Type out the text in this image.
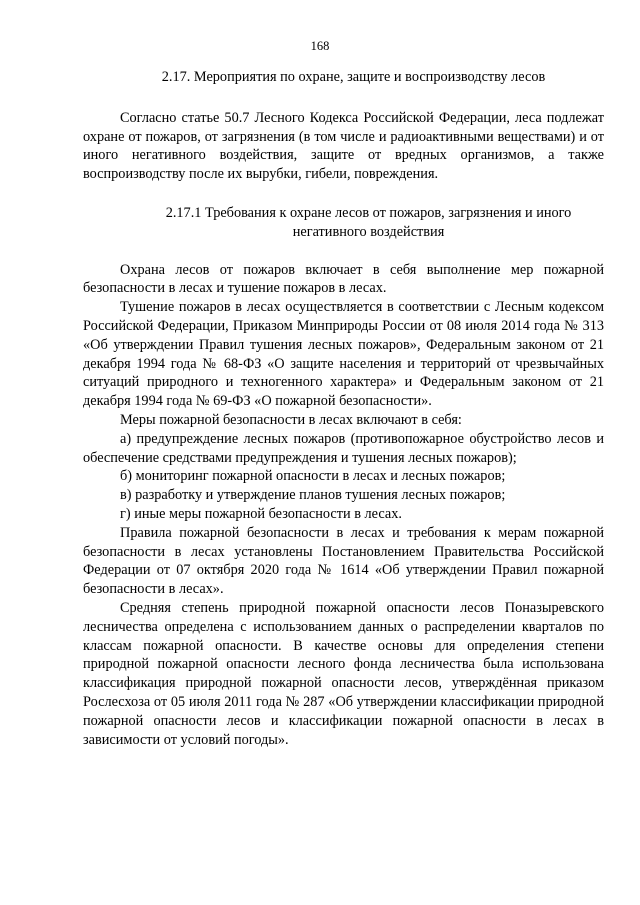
168
2.17. Мероприятия по охране, защите и воспроизводству лесов

Согласно статье 50.7 Лесного Кодекса Российской Федерации, леса подлежат охране от пожаров, от загрязнения (в том числе и радиоактивными веществами) и от иного негативного воздействия, защите от вредных организмов, а также воспроизводству после их вырубки, гибели, повреждения.

2.17.1 Требования к охране лесов от пожаров, загрязнения и иного негативного воздействия

Охрана лесов от пожаров включает в себя выполнение мер пожарной безопасности в лесах и тушение пожаров в лесах.

Тушение пожаров в лесах осуществляется в соответствии с Лесным кодексом Российской Федерации, Приказом Минприроды России от 08 июля 2014 года № 313 «Об утверждении Правил тушения лесных пожаров», Федеральным законом от 21 декабря 1994 года № 68-ФЗ «О защите населения и территорий от чрезвычайных ситуаций природного и техногенного характера» и Федеральным законом от 21 декабря 1994 года № 69-ФЗ «О пожарной безопасности».

Меры пожарной безопасности в лесах включают в себя:

а) предупреждение лесных пожаров (противопожарное обустройство лесов и обеспечение средствами предупреждения и тушения лесных пожаров);

б) мониторинг пожарной опасности в лесах и лесных пожаров;

в) разработку и утверждение планов тушения лесных пожаров;

г) иные меры пожарной безопасности в лесах.

Правила пожарной безопасности в лесах и требования к мерам пожарной безопасности в лесах установлены Постановлением Правительства Российской Федерации от 07 октября 2020 года № 1614 «Об утверждении Правил пожарной безопасности в лесах».

Средняя степень природной пожарной опасности лесов Поназыревского лесничества определена с использованием данных о распределении кварталов по классам пожарной опасности. В качестве основы для определения степени природной пожарной опасности лесного фонда лесничества была использована классификация природной пожарной опасности лесов, утверждённая приказом Рослесхоза от 05 июля 2011 года № 287 «Об утверждении классификации природной пожарной опасности лесов и классификации пожарной опасности в лесах в зависимости от условий погоды».
